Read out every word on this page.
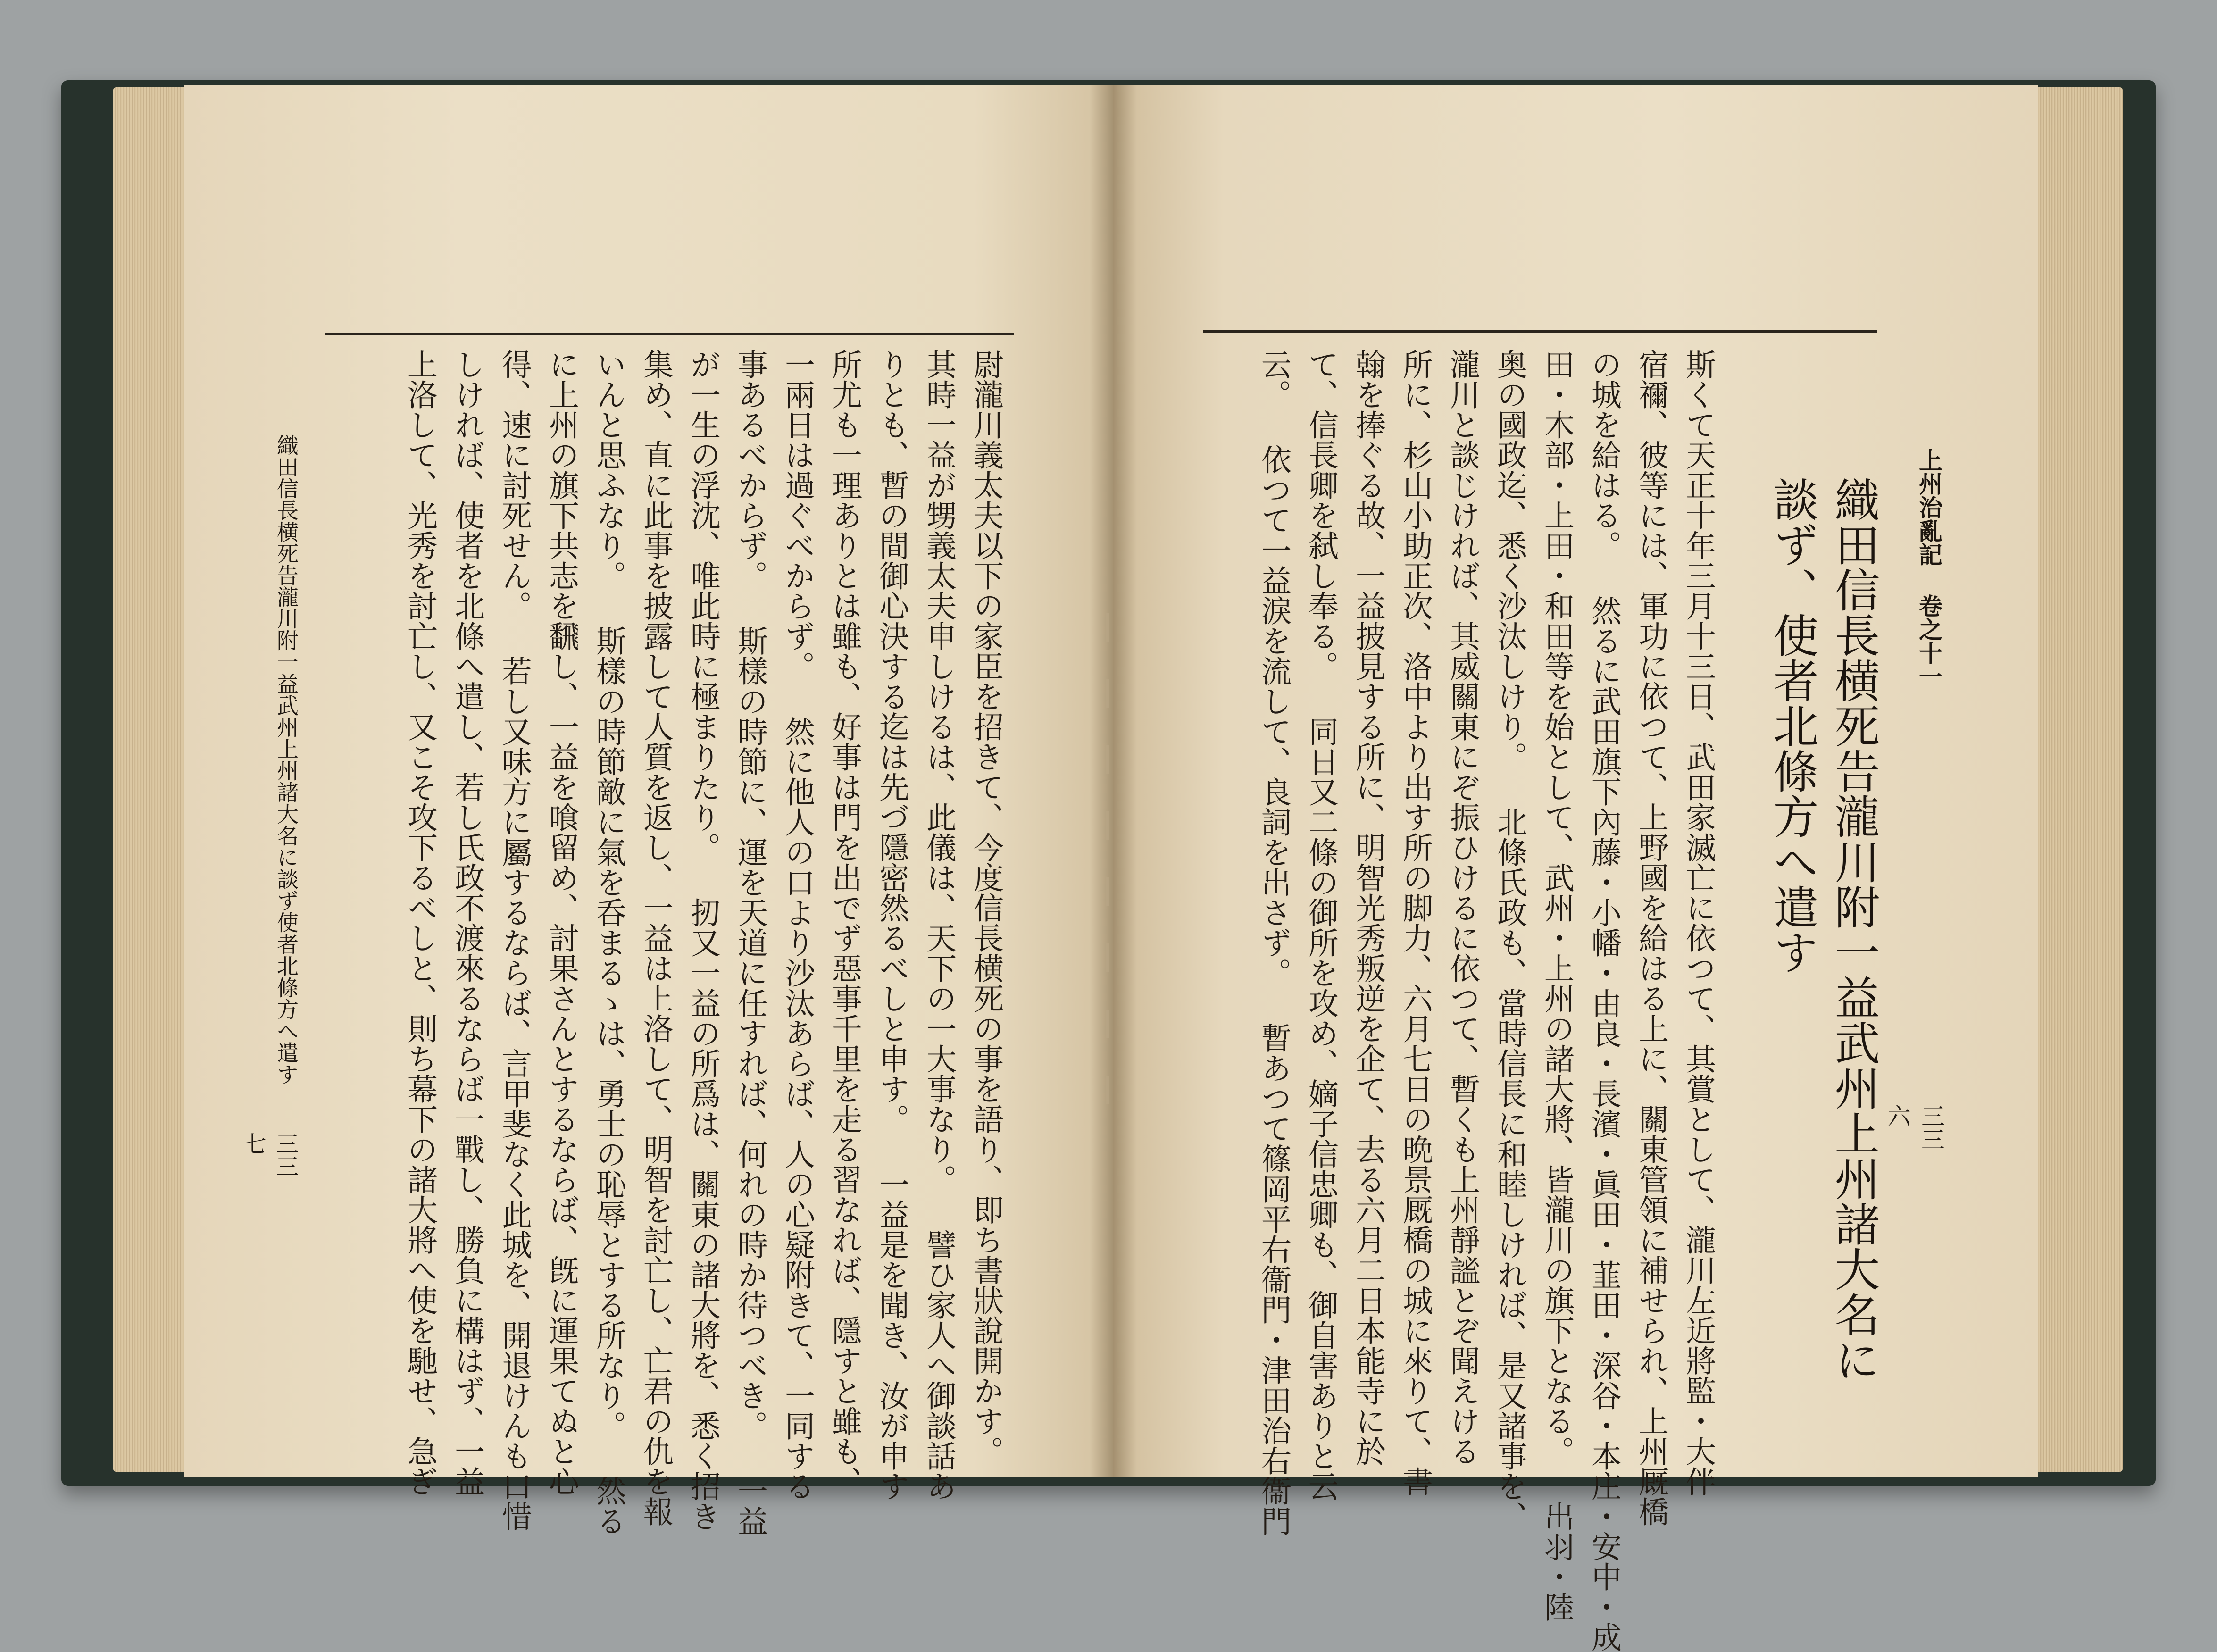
上州治亂記 卷之十一
織田信長横死告瀧川附一益武州上州諸大名に
談ず、使者北條方へ遣す
斯くて天正十年三月十三日、武田家滅亡に依つて、其賞として、瀧川左近將監・大伴
宿禰、彼等には、軍功に依つて、上野國を給はる上に、關東管領に補せられ、上州厩橋
の城を給はる。 然るに武田旗下內藤・小幡・由良・長濱・眞田・韮田・深谷・本庄・安中・成
田・木部・上田・和田等を始として、武州・上州の諸大將、皆瀧川の旗下となる。 出羽・陸
奥の國政迄、悉く沙汰しけり。 北條氏政も、當時信長に和睦しければ、是又諸事を、
瀧川と談じければ、其威關東にぞ振ひけるに依つて、暫くも上州靜謐とぞ聞えける
所に、杉山小助正次、洛中より出す所の脚力、六月七日の晩景厩橋の城に來りて、書
翰を捧ぐる故、一益披見する所に、明智光秀叛逆を企て、去る六月二日本能寺に於
て、信長卿を弑し奉る。 同日又二條の御所を攻め、嫡子信忠卿も、御自害ありと云
云。 依つて一益淚を流して、良詞を出さず。 暫あつて篠岡平右衞門・津田治右衞門	三三六
尉瀧川義太夫以下の家臣を招きて、今度信長横死の事を語り、即ち書狀說開かす。
其時一益が甥義太夫申しけるは、此儀は、天下の一大事なり。 譬ひ家人へ御談話あ
りとも、暫の間御心決する迄は先づ隱密然るべしと申す。 一益是を聞き、汝が申す
所尤も一理ありとは雖も、好事は門を出でず惡事千里を走る習なれば、隱すと雖も、
一兩日は過ぐべからず。 然に他人の口より沙汰あらば、人の心疑附きて、一同する
事あるべからず。 斯樣の時節に、運を天道に任すれば、何れの時か待つべき。 一益
が一生の浮沈、唯此時に極まりたり。 扨又一益の所爲は、關東の諸大將を、悉く招き
集め、直に此事を披露して人質を返し、一益は上洛して、明智を討亡し、亡君の仇を報
いんと思ふなり。 斯樣の時節敵に氣を呑まるゝは、勇士の恥辱とする所なり。 然る
に上州の旗下共志を飜し、一益を喰留め、討果さんとするならば、旣に運果てぬと心
得、速に討死せん。 若し又味方に屬するならば、言甲斐なく此城を、開退けんも口惜
しければ、使者を北條へ遣し、若し氏政不渡來るならば一戰し、勝負に構はず、一益
上洛して、光秀を討亡し、又こそ攻下るべしと、則ち幕下の諸大將へ使を馳せ、急ぎ
織田信長横死告瀧川附一益武州上州諸大名に談ず使者北條方へ遣す
三三七
